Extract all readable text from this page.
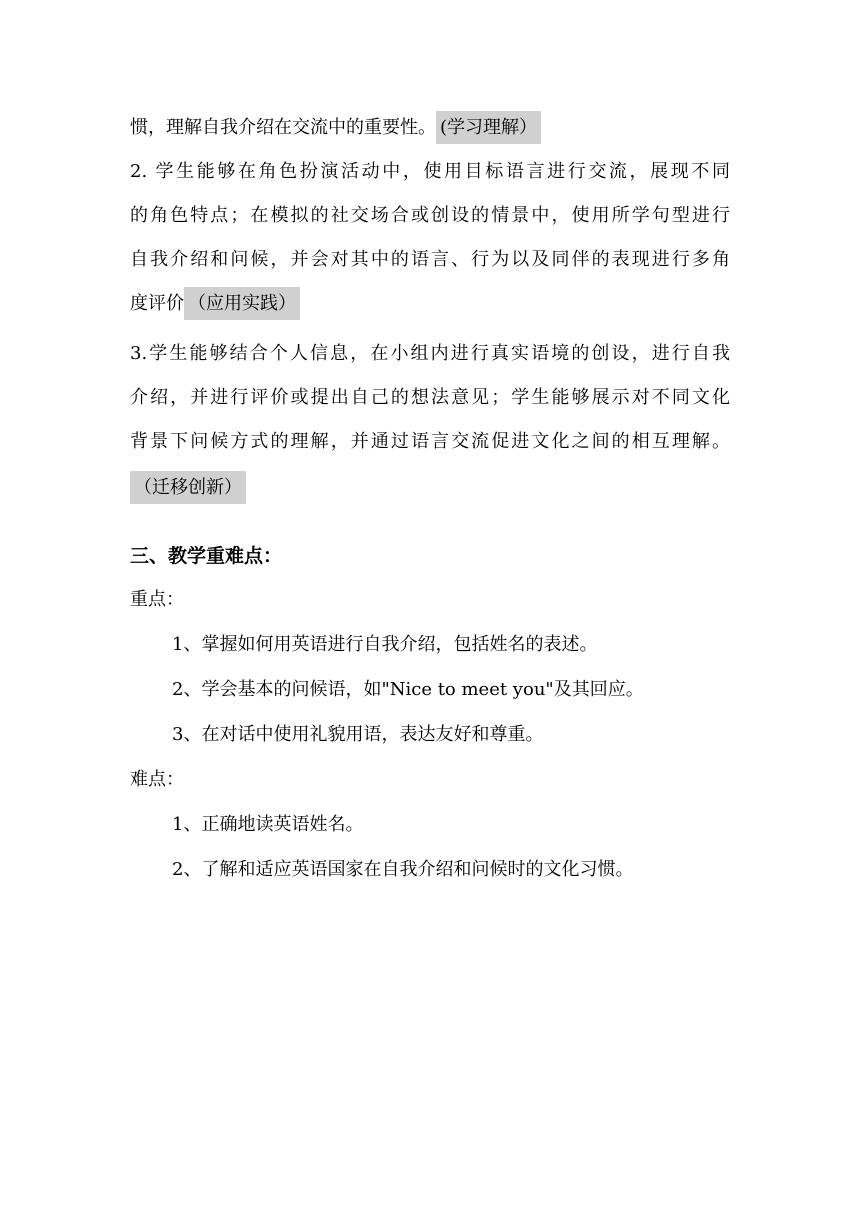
惯，理解自我介绍在交流中的重要性。 (学习理解）
2. 学生能够在角色扮演活动中，使用目标语言进行交流，展现不同
的角色特点；在模拟的社交场合或创设的情景中，使用所学句型进行
自我介绍和问候，并会对其中的语言、行为以及同伴的表现进行多角
度评价 （应用实践）
3.学生能够结合个人信息，在小组内进行真实语境的创设，进行自我
介绍，并进行评价或提出自己的想法意见；学生能够展示对不同文化
背景下问候方式的理解，并通过语言交流促进文化之间的相互理解。
（迁移创新）
三、教学重难点：
重点：
1、掌握如何用英语进行自我介绍，包括姓名的表述。
2、学会基本的问候语，如"Nice to meet you"及其回应。
3、在对话中使用礼貌用语，表达友好和尊重。
难点：
1、正确地读英语姓名。
2、了解和适应英语国家在自我介绍和问候时的文化习惯。
